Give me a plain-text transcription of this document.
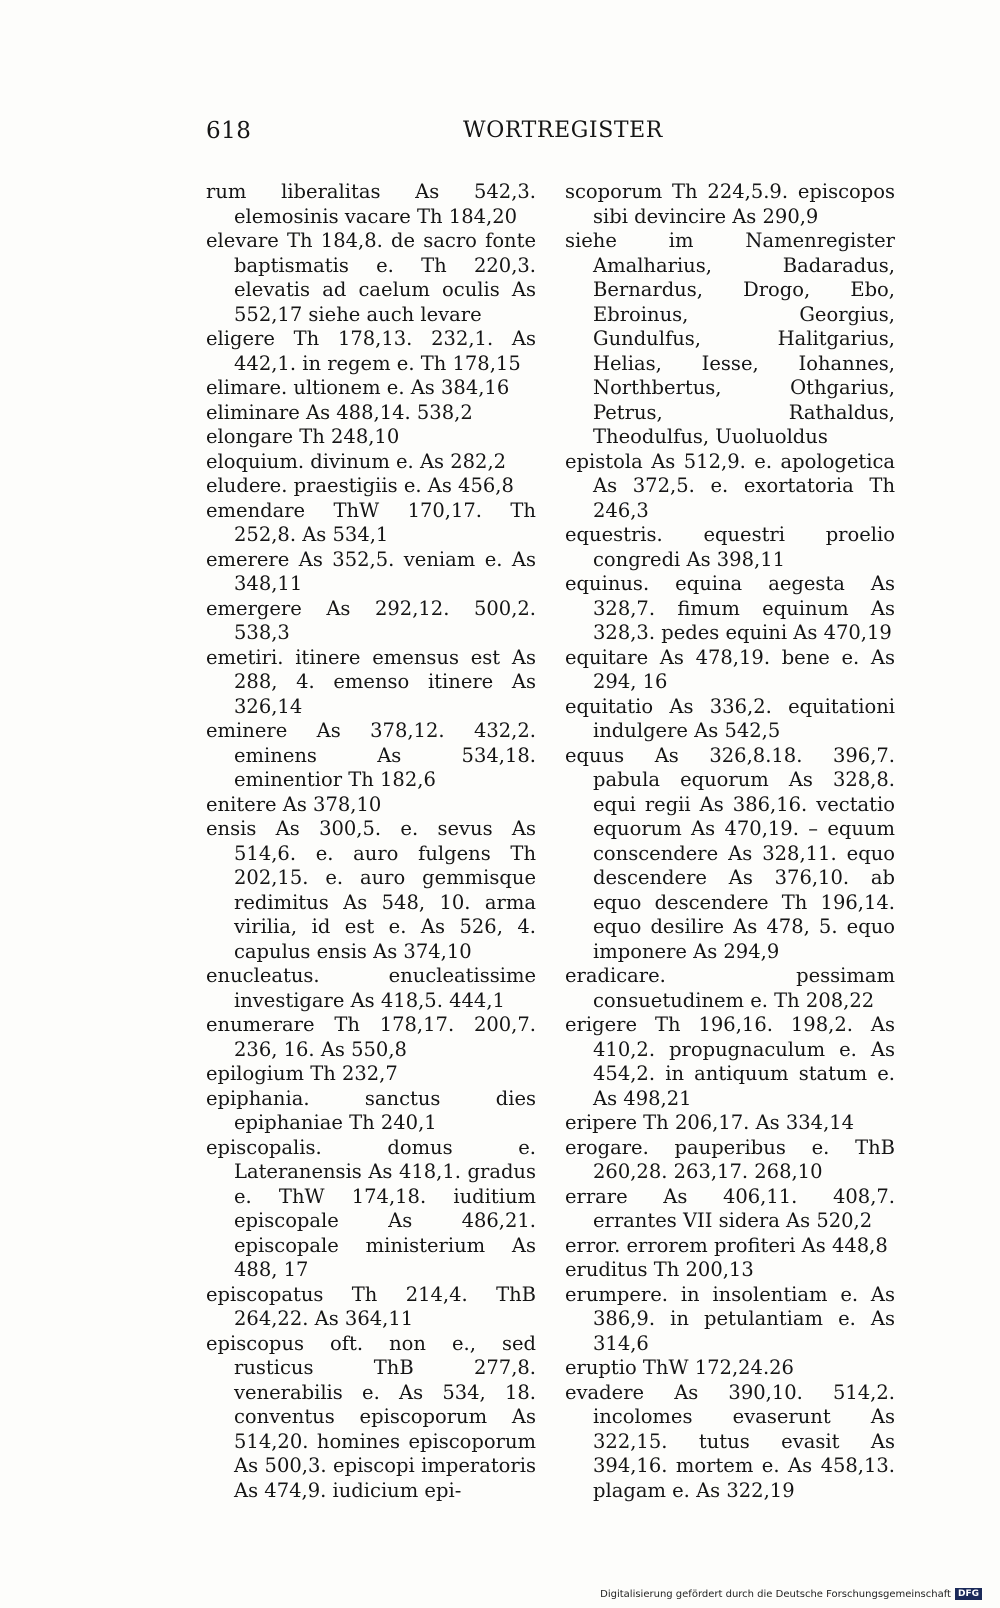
618	WORTREGISTER

rum liberalitas As 542,3. elemosinis vacare Th 184,20

elevare Th 184,8. de sacro fonte baptismatis e. Th 220,3. elevatis ad caelum oculis As 552,17 siehe auch levare

eligere Th 178,13. 232,1. As 442,1. in regem e. Th 178,15

elimare. ultionem e. As 384,16

eliminare As 488,14. 538,2

elongare Th 248,10

eloquium. divinum e. As 282,2

eludere. praestigiis e. As 456,8

emendare ThW 170,17. Th 252,8. As 534,1

emerere As 352,5. veniam e. As 348,11

emergere As 292,12. 500,2. 538,3

emetiri. itinere emensus est As 288, 4. emenso itinere As 326,14

eminere As 378,12. 432,2. eminens As 534,18. eminentior Th 182,6

enitere As 378,10

ensis As 300,5. e. sevus As 514,6. e. auro fulgens Th 202,15. e. auro gemmisque redimitus As 548, 10. arma virilia, id est e. As 526, 4. capulus ensis As 374,10

enucleatus. enucleatissime investigare As 418,5. 444,1

enumerare Th 178,17. 200,7. 236, 16. As 550,8

epilogium Th 232,7

epiphania. sanctus dies epiphaniae Th 240,1

episcopalis. domus e. Lateranensis As 418,1. gradus e. ThW 174,18. iuditium episcopale As 486,21. episcopale ministerium As 488, 17

episcopatus Th 214,4. ThB 264,22. As 364,11

episcopus oft. non e., sed rusticus ThB 277,8. venerabilis e. As 534, 18. conventus episcoporum As 514,20. homines episcoporum As 500,3. episcopi imperatoris As 474,9. iudicium epi-

scoporum Th 224,5.9. episcopos sibi devincire As 290,9

siehe im Namenregister Amalharius, Badaradus, Bernardus, Drogo, Ebo, Ebroinus, Georgius, Gundulfus, Halitgarius, Helias, Iesse, Iohannes, Northbertus, Othgarius, Petrus, Rathaldus, Theodulfus, Uuoluoldus

epistola As 512,9. e. apologetica As 372,5. e. exortatoria Th 246,3

equestris. equestri proelio congredi As 398,11

equinus. equina aegesta As 328,7. fimum equinum As 328,3. pedes equini As 470,19

equitare As 478,19. bene e. As 294, 16

equitatio As 336,2. equitationi indulgere As 542,5

equus As 326,8.18. 396,7. pabula equorum As 328,8. equi regii As 386,16. vectatio equorum As 470,19. – equum conscendere As 328,11. equo descendere As 376,10. ab equo descendere Th 196,14. equo desilire As 478, 5. equo imponere As 294,9

eradicare. pessimam consuetudinem e. Th 208,22

erigere Th 196,16. 198,2. As 410,2. propugnaculum e. As 454,2. in antiquum statum e. As 498,21

eripere Th 206,17. As 334,14

erogare. pauperibus e. ThB 260,28. 263,17. 268,10

errare As 406,11. 408,7. errantes VII sidera As 520,2

error. errorem profiteri As 448,8

eruditus Th 200,13

erumpere. in insolentiam e. As 386,9. in petulantiam e. As 314,6

eruptio ThW 172,24.26

evadere As 390,10. 514,2. incolomes evaserunt As 322,15. tutus evasit As 394,16. mortem e. As 458,13. plagam e. As 322,19

Digitalisierung gefördert durch die Deutsche Forschungsgemeinschaft DFG
